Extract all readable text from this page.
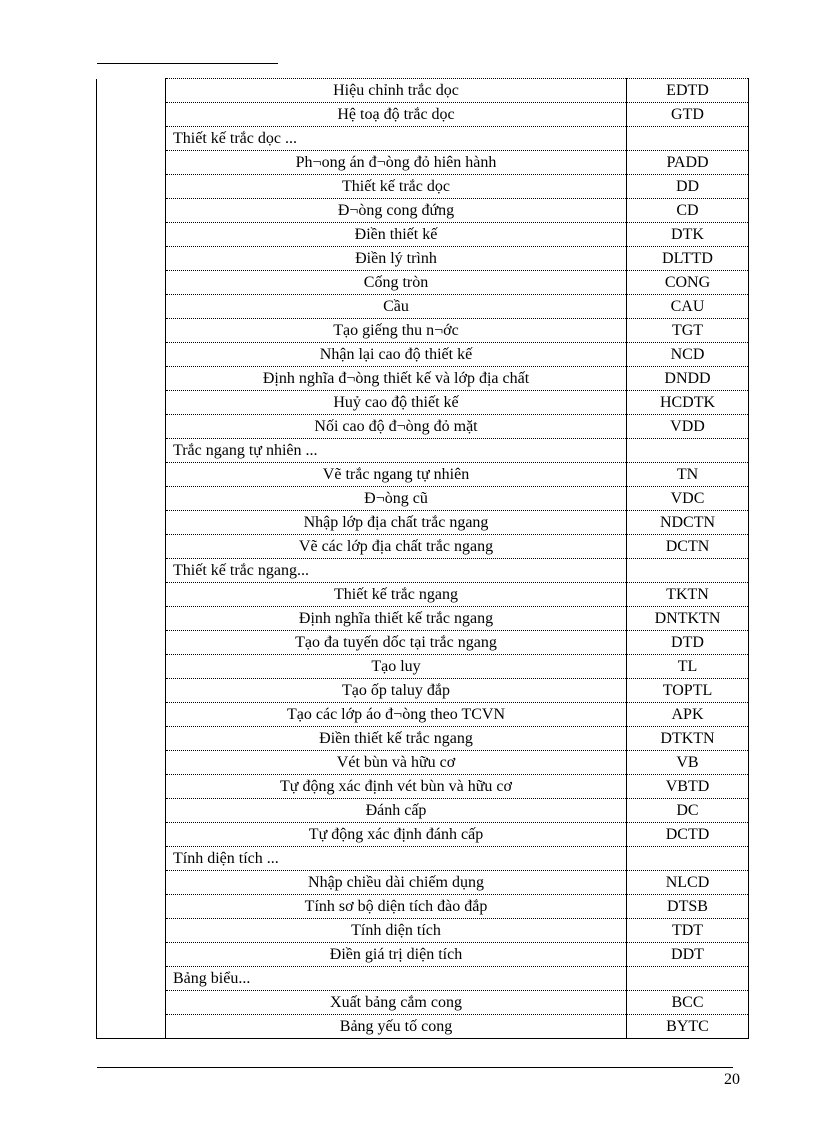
	Hiệu chỉnh trắc dọc	EDTD
	Hệ toạ độ trắc dọc	GTD
	Thiết kế trắc dọc ...	
	Ph¬ong án đ¬òng đỏ hiên hành	PADD
	Thiết kế trắc dọc	DD
	Đ¬òng cong đứng	CD
	Điền thiết kế	DTK
	Điền lý trình	DLTTD
	Cống tròn	CONG
	Cầu	CAU
	Tạo giếng thu n¬ớc	TGT
	Nhận lại cao độ thiết kế	NCD
	Định nghĩa đ¬òng thiết kế và lớp địa chất	DNDD
	Huỷ cao độ thiết kế	HCDTK
	Nối cao độ đ¬òng đỏ mặt	VDD
	Trắc ngang tự nhiên ...	
	Vẽ trắc ngang tự nhiên	TN
	Đ¬òng cũ	VDC
	Nhập lớp địa chất trắc ngang	NDCTN
	Vẽ các lớp địa chất trắc ngang	DCTN
	Thiết kế trắc ngang...	
	Thiết kế trắc ngang	TKTN
	Định nghĩa thiết kế trắc ngang	DNTKTN
	Tạo đa tuyến dốc tại trắc ngang	DTD
	Tạo luy	TL
	Tạo ốp taluy đắp	TOPTL
	Tạo các lớp áo đ¬òng theo TCVN	APK
	Điền thiết kế trắc ngang	DTKTN
	Vét bùn và hữu cơ	VB
	Tự động xác định vét bùn và hữu cơ	VBTD
	Đánh cấp	DC
	Tự động xác định đánh cấp	DCTD
	Tính diện tích ...	
	Nhập chiều dài chiếm dụng	NLCD
	Tính sơ bộ diện tích đào đắp	DTSB
	Tính diện tích	TDT
	Điền giá trị diện tích	DDT
	Bảng biểu...	
	Xuất bảng cắm cong	BCC
	Bảng yếu tố cong	BYTC
20
